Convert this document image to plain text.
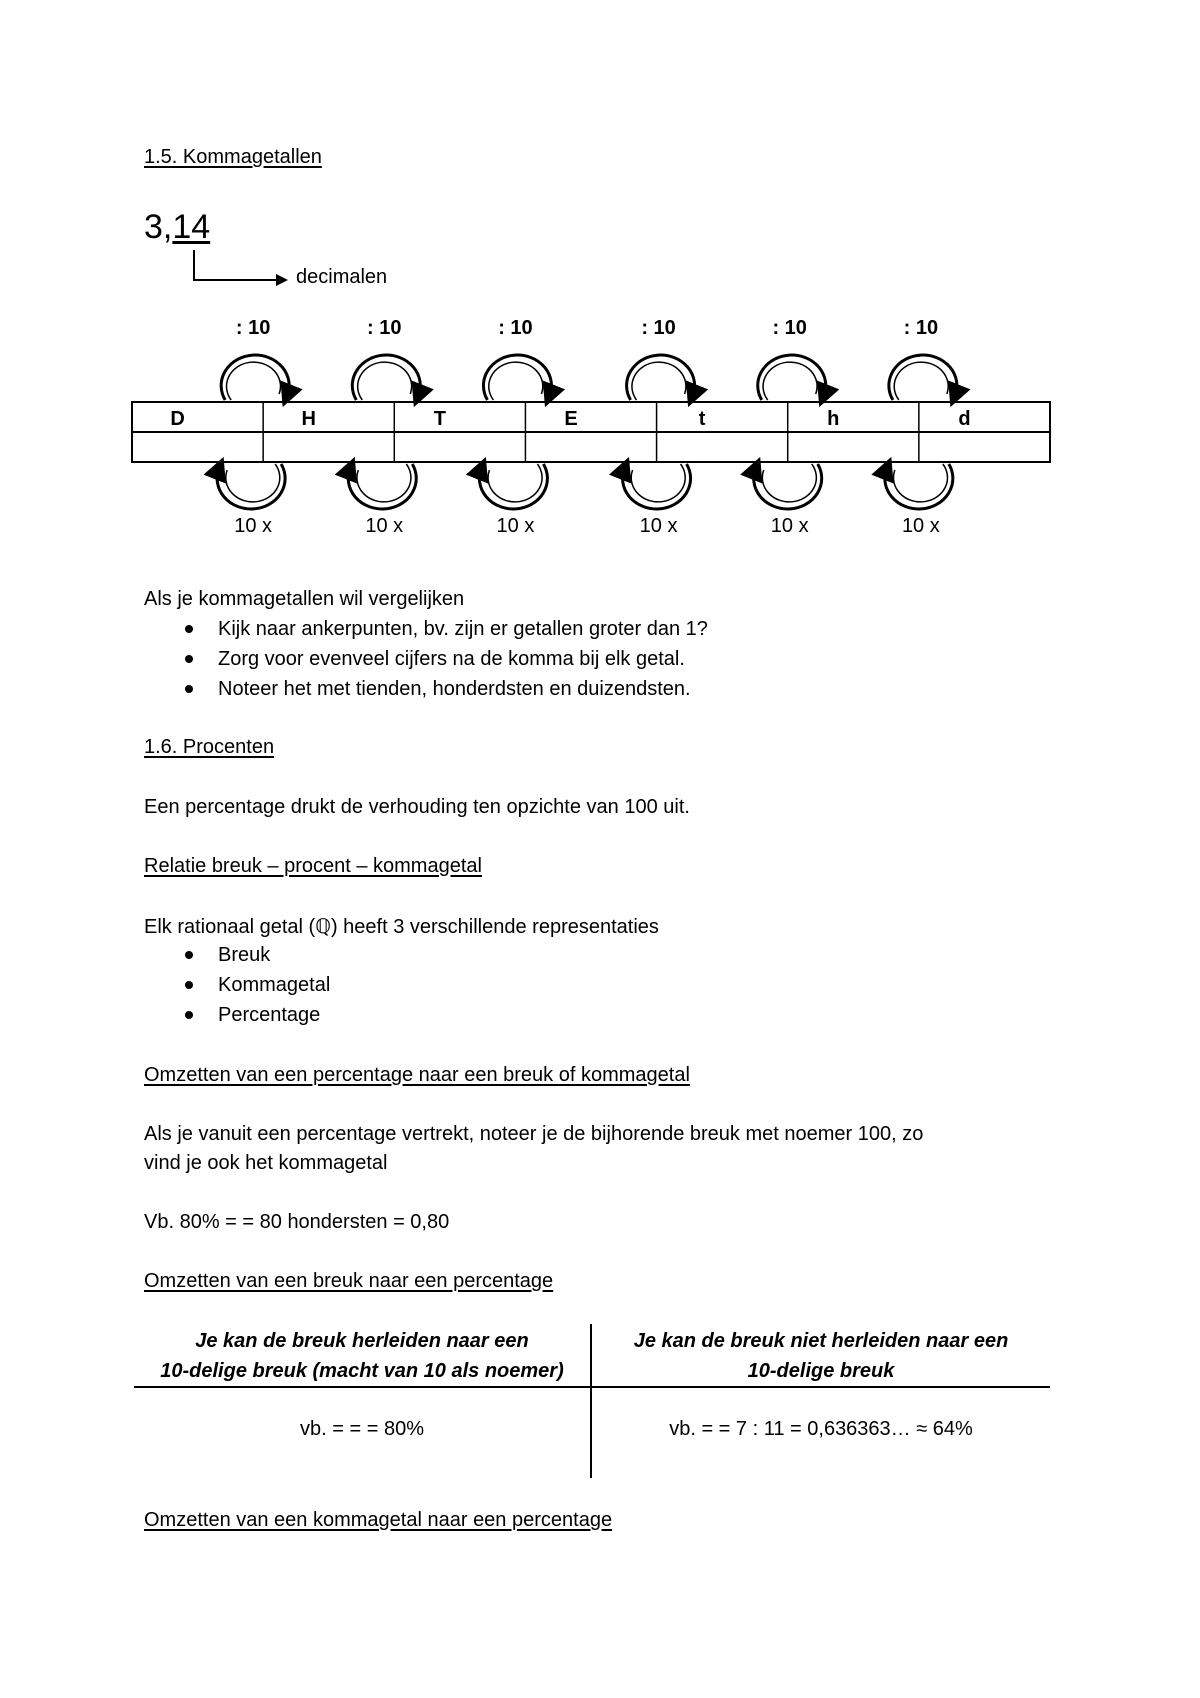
1.5. Kommagetallen
3,14
decimalen
D	H	T	E	t	h	d
: 10
10 x
: 10
10 x
: 10
10 x
: 10
10 x
: 10
10 x
: 10
10 x
Als je kommagetallen wil vergelijken
Kijk naar ankerpunten, bv. zijn er getallen groter dan 1?
Zorg voor evenveel cijfers na de komma bij elk getal.
Noteer het met tienden, honderdsten en duizendsten.
1.6. Procenten
Een percentage drukt de verhouding ten opzichte van 100 uit.
Relatie breuk – procent – kommagetal
Elk rationaal getal (ℚ) heeft 3 verschillende representaties
Breuk
Kommagetal
Percentage
Omzetten van een percentage naar een breuk of kommagetal
Als je vanuit een percentage vertrekt, noteer je de bijhorende breuk met noemer 100, zo
vind je ook het kommagetal
Vb. 80% = = 80 hondersten = 0,80
Omzetten van een breuk naar een percentage
Je kan de breuk herleiden naar een
10-delige breuk (macht van 10 als noemer)
Je kan de breuk niet herleiden naar een
10-delige breuk
vb. = = = 80%	vb. = = 7 : 11 = 0,636363… ≈ 64%
Omzetten van een kommagetal naar een percentage
